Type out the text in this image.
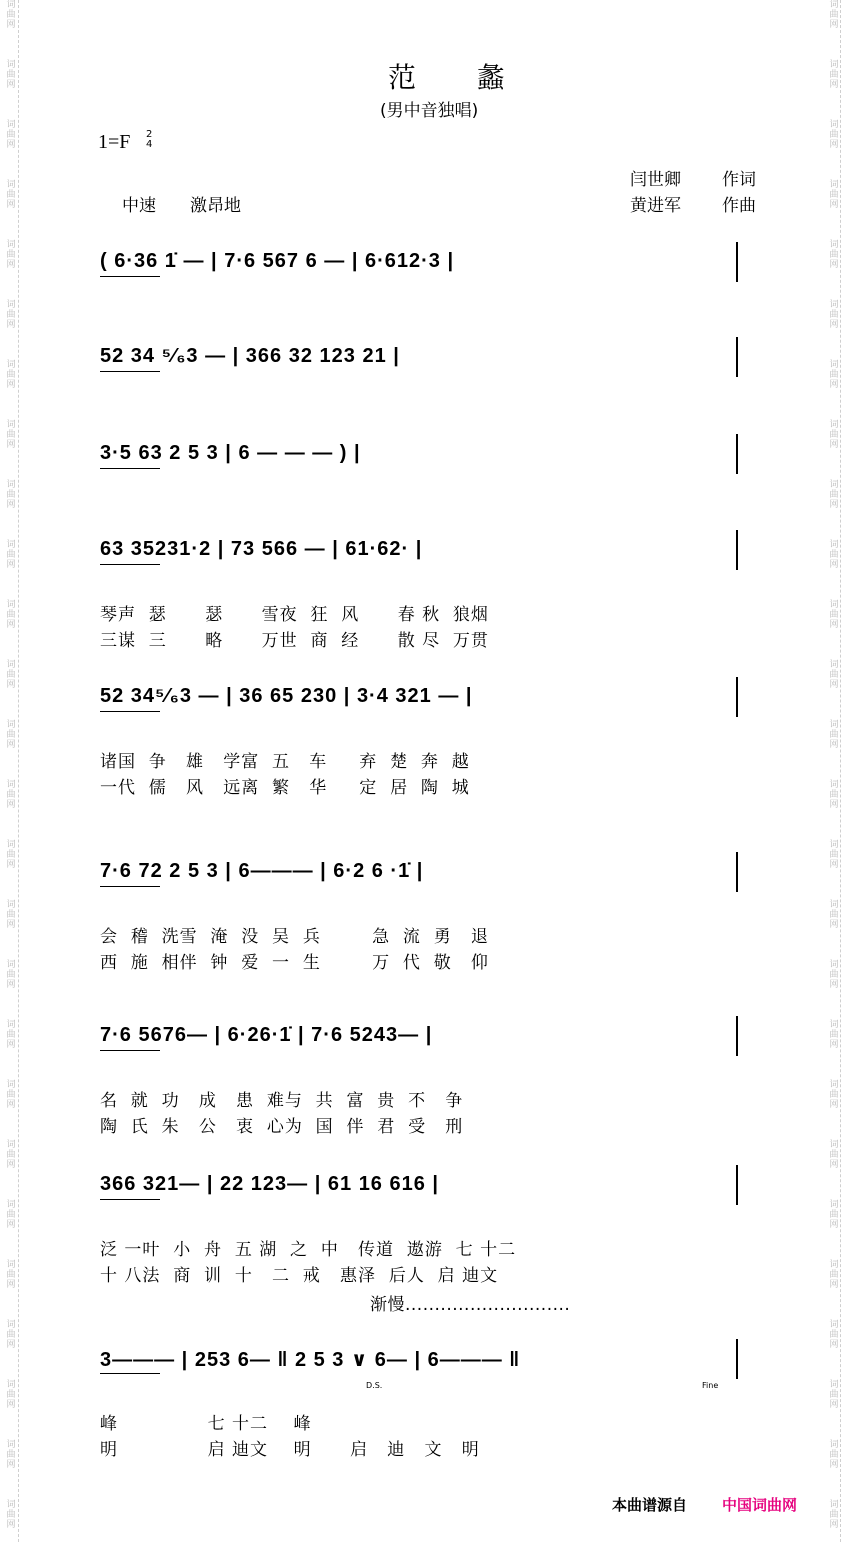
词
曲
网
词
曲
网
词
曲
网
词
曲
网
词
曲
网
词
曲
网
词
曲
网
词
曲
网
词
曲
网
词
曲
网
词
曲
网
词
曲
网
词
曲
网
词
曲
网
词
曲
网
词
曲
网
词
曲
网
词
曲
网
词
曲
网
词
曲
网
词
曲
网
词
曲
网
词
曲
网
词
曲
网
词
曲
网
词
曲
网
词
曲
网
词
曲
网
词
曲
网
词
曲
网
词
曲
网
词
曲
网
词
曲
网
词
曲
网
词
曲
网
词
曲
网
词
曲
网
词
曲
网
词
曲
网
词
曲
网
词
曲
网
词
曲
网
词
曲
网
词
曲
网
词
曲
网
词
曲
网
词
曲
网
词
曲
网
词
曲
网
词
曲
网
词
曲
网
词
曲
网
范 蠡
(男中音独唱)
1=F 2
4
中速 激昂地
闫世卿 作词
黄进军 作曲
( 6·36 1̇ — | 7·6 567 6 — | 6·612·3 |
52 34 ⁵⁄₆3 — | 366 32 123 21 |
3·5 63 2 5 3 | 6 — — — ) |
63 35231·2 | 73 566 — | 61·62· |
琴声  瑟      瑟      雪夜  狂  风      春 秋  狼烟
三谋  三      略      万世  商  经      散 尽  万贯
52 34⁵⁄₆3 — | 36 65 230 | 3·4 321 — |
诸国  争   雄   学富  五   车     弃  楚  奔  越
一代  儒   风   远离  繁   华     定  居  陶  城
7·6 72 2 5 3 | 6——— | 6·2 6 ·1̇ |
会  稽  洗雪  淹  没  吴  兵        急  流  勇   退
西  施  相伴  钟  爱  一  生        万  代  敬   仰
7·6 5676— | 6·26·1̇ | 7·6 5243— |
名  就  功   成   患  难与  共  富  贵  不   争
陶  氏  朱   公   衷  心为  国  伴  君  受   刑
366 321— | 22 123— | 61 16 616 |
泛 一叶  小  舟  五 湖  之  中   传道  遨游  七 十二
十 八法  商  训  十   二  戒   惠泽  后人  启 迪文
3——— | 253 6— ‖ 2 5 3 ∨ 6— | 6——— ‖
峰              七 十二    峰
明              启 迪文    明      启   迪   文   明
渐慢............................
D.S.	Fine
本曲谱源自 中国词曲网
